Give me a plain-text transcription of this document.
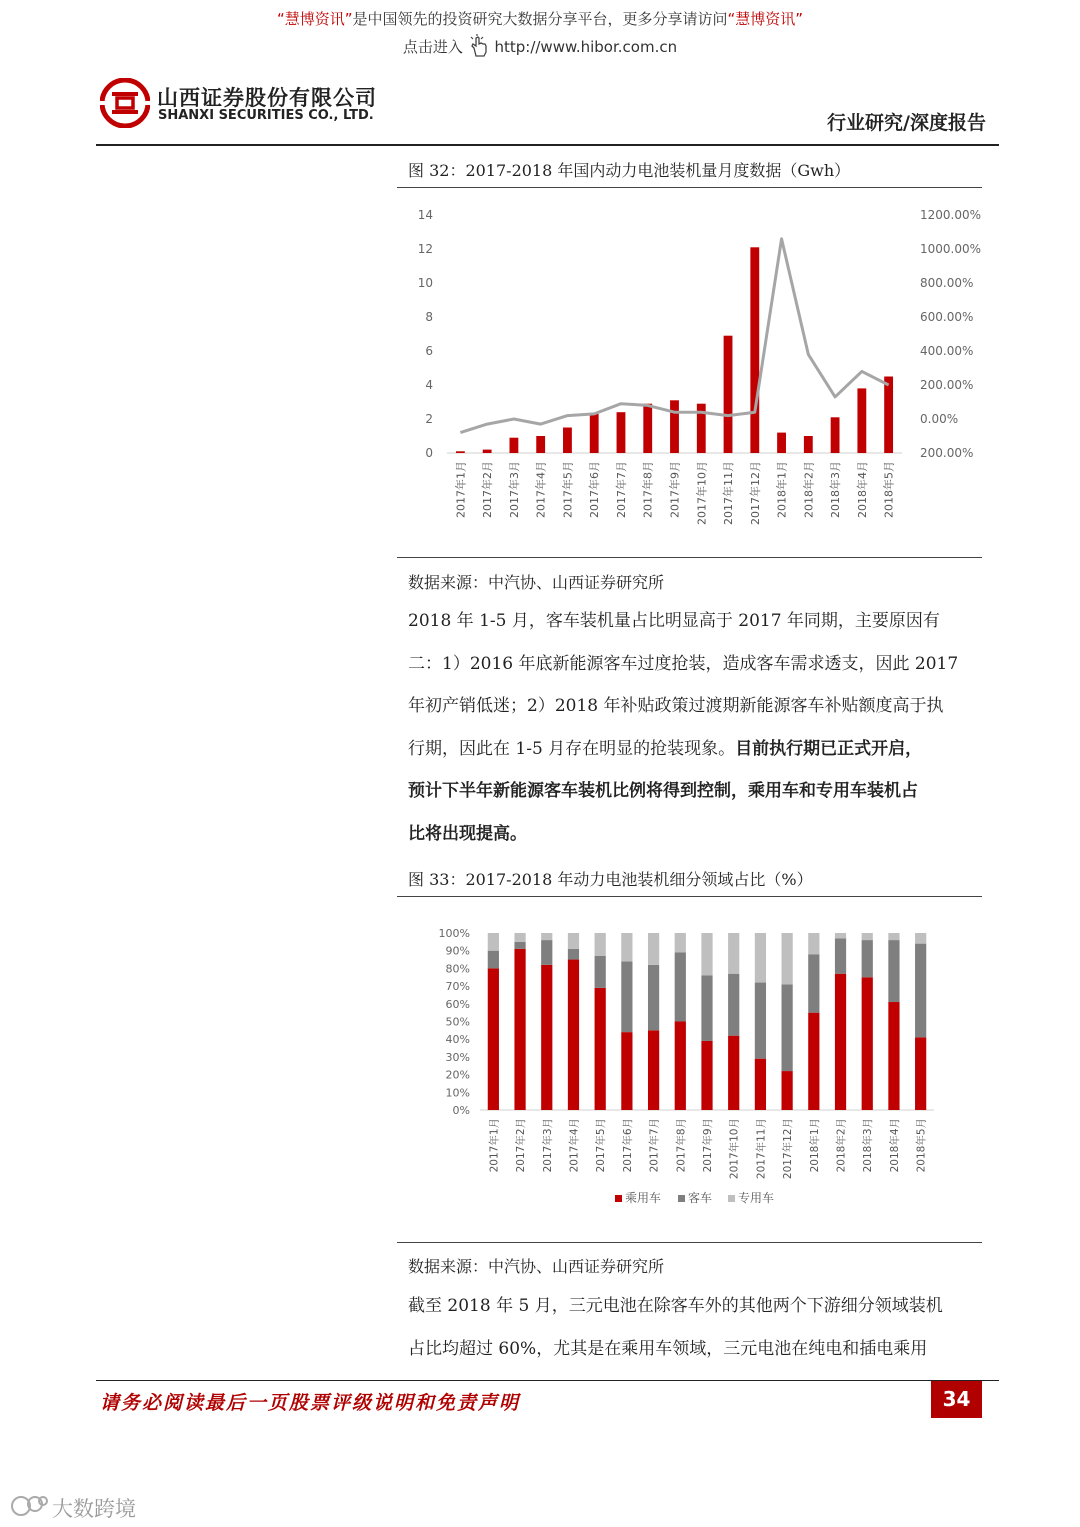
“慧博资讯”是中国领先的投资研究大数据分享平台，更多分享请访问“慧博资讯”
点击进入 http://www.hibor.com.cn
山西证券股份有限公司
SHANXI SECURITIES CO., LTD.	行业研究/深度报告
图 32：2017-2018 年国内动力电池装机量月度数据（Gwh）
0
2
4
6
8
10
12
14
200.00%
0.00%
200.00%
400.00%
600.00%
800.00%
1000.00%
1200.00%
2017年1月 2017年2月 2017年3月 2017年4月 2017年5月 2017年6月 2017年7月 2017年8月 2017年9月 2017年10月 2017年11月 2017年12月 2018年1月 2018年2月 2018年3月 2018年4月 2018年5月
数据来源：中汽协、山西证券研究所
2018 年 1-5 月，客车装机量占比明显高于 2017 年同期，主要原因有
二：1）2016 年底新能源客车过度抢装，造成客车需求透支，因此 2017
年初产销低迷；2）2018 年补贴政策过渡期新能源客车补贴额度高于执
行期，因此在 1-5 月存在明显的抢装现象。目前执行期已正式开启，
预计下半年新能源客车装机比例将得到控制，乘用车和专用车装机占
比将出现提高。
图 33：2017-2018 年动力电池装机细分领域占比（%）
0%
10%
20%
30%
40%
50%
60%
70%
80%
90%
100%
2017年1月 2017年2月 2017年3月 2017年4月 2017年5月 2017年6月 2017年7月 2017年8月 2017年9月 2017年10月 2017年11月 2017年12月 2018年1月 2018年2月 2018年3月 2018年4月 2018年5月
乘用车 客车 专用车
数据来源：中汽协、山西证券研究所
截至 2018 年 5 月，三元电池在除客车外的其他两个下游细分领域装机
占比均超过 60%，尤其是在乘用车领域，三元电池在纯电和插电乘用
请务必阅读最后一页股票评级说明和免责声明	34
大数跨境
